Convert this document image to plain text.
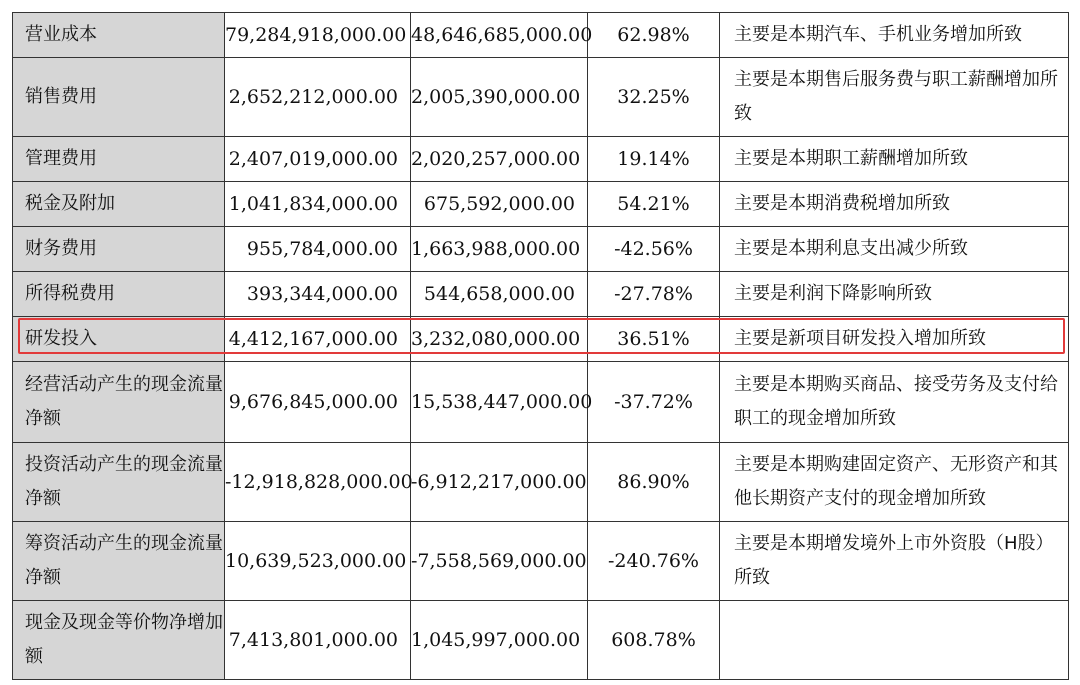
营业成本	79,284,918,000.00	48,646,685,000.00	62.98%	主要是本期汽车、手机业务增加所致
销售费用	2,652,212,000.00	2,005,390,000.00	32.25%	主要是本期售后服务费与职工薪酬增加所致
管理费用	2,407,019,000.00	2,020,257,000.00	19.14%	主要是本期职工薪酬增加所致
税金及附加	1,041,834,000.00	675,592,000.00	54.21%	主要是本期消费税增加所致
财务费用	955,784,000.00	1,663,988,000.00	-42.56%	主要是本期利息支出减少所致
所得税费用	393,344,000.00	544,658,000.00	-27.78%	主要是利润下降影响所致
研发投入	4,412,167,000.00	3,232,080,000.00	36.51%	主要是新项目研发投入增加所致
经营活动产生的现金流量净额	9,676,845,000.00	15,538,447,000.00	-37.72%	主要是本期购买商品、接受劳务及支付给职工的现金增加所致
投资活动产生的现金流量净额	-12,918,828,000.00	-6,912,217,000.00	86.90%	主要是本期购建固定资产、无形资产和其他长期资产支付的现金增加所致
筹资活动产生的现金流量净额	10,639,523,000.00	-7,558,569,000.00	-240.76%	主要是本期增发境外上市外资股（H股）所致
现金及现金等价物净增加额	7,413,801,000.00	1,045,997,000.00	608.78%	
